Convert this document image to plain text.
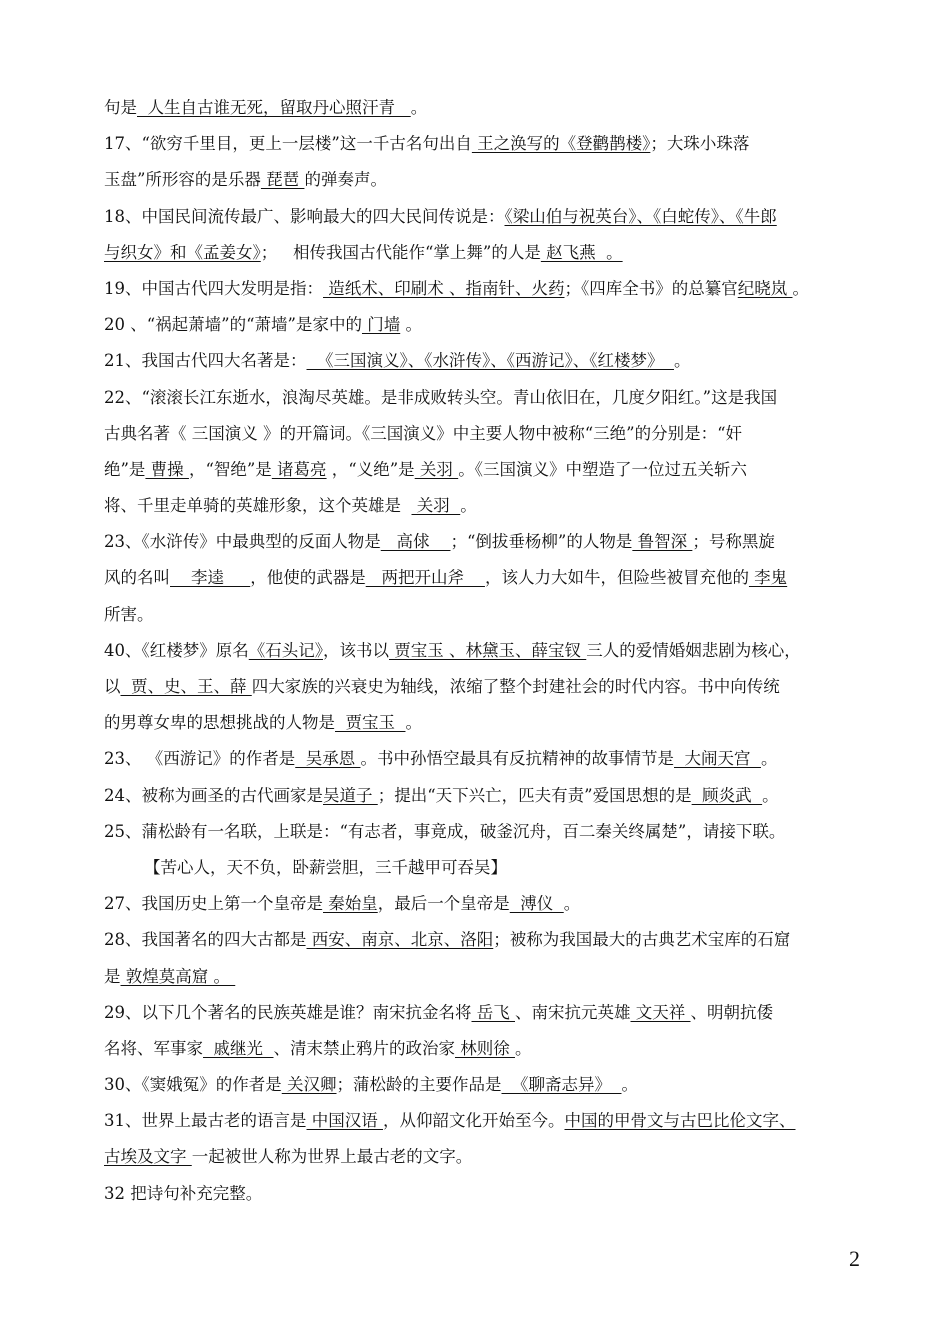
句是  人生自古谁无死，留取丹心照汗青   。
17、“欲穷千里目，更上一层楼”这一千古名句出自 王之涣写的《登鹳鹊楼》；大珠小珠落
玉盘”所形容的是乐器 琵琶 的弹奏声。
18、中国民间流传最广、影响最大的四大民间传说是：《梁山伯与祝英台》、《白蛇传》、《牛郎
与织女》和《孟姜女》；   相传我国古代能作“掌上舞”的人是 赵飞燕  。
19、中国古代四大发明是指： 造纸术、印刷术 、指南针、火药；《四库全书》的总纂官纪晓岚 。
20 、“祸起萧墙”的“萧墙”是家中的 门墙 。
21、我国古代四大名著是：  《三国演义》、《水浒传》、《西游记》、《红楼梦》  。
22、“滚滚长江东逝水，浪淘尽英雄。是非成败转头空。青山依旧在，几度夕阳红。”这是我国
古典名著《 三国演义 》的开篇词。《三国演义》中主要人物中被称“三绝”的分别是：“奸
绝”是 曹操 ，“智绝”是 诸葛亮 ，“义绝”是 关羽 。《三国演义》中塑造了一位过五关斩六
将、千里走单骑的英雄形象，这个英雄是   关羽  。
23、《水浒传》中最典型的反面人物是   高俅    ；“倒拔垂杨柳”的人物是 鲁智深 ；号称黑旋
风的名叫    李逵     ，他使的武器是   两把开山斧    ，该人力大如牛，但险些被冒充他的 李鬼
所害。
40、《红楼梦》原名《石头记》，该书以 贾宝玉 、林黛玉、薛宝钗 三人的爱情婚姻悲剧为核心，
以  贾、史、王、薛 四大家族的兴衰史为轴线，浓缩了整个封建社会的时代内容。书中向传统
的男尊女卑的思想挑战的人物是  贾宝玉  。
23、 《西游记》的作者是  吴承恩 。书中孙悟空最具有反抗精神的故事情节是  大闹天宫  。
24、被称为画圣的古代画家是吴道子 ；提出“天下兴亡，匹夫有责”爱国思想的是  顾炎武  。
25、蒲松龄有一名联，上联是：“有志者，事竟成，破釜沉舟，百二秦关终属楚”，请接下联。
【苦心人，天不负，卧薪尝胆，三千越甲可吞吴】
27、我国历史上第一个皇帝是 秦始皇，最后一个皇帝是  溥仪  。
28、我国著名的四大古都是 西安、南京、北京、洛阳；被称为我国最大的古典艺术宝库的石窟
是 敦煌莫高窟 。
29、以下几个著名的民族英雄是谁？南宋抗金名将 岳飞 、南宋抗元英雄 文天祥 、明朝抗倭
名将、军事家  戚继光  、清末禁止鸦片的政治家 林则徐 。
30、《窦娥冤》的作者是 关汉卿；蒲松龄的主要作品是  《聊斋志异》  。
31、世界上最古老的语言是 中国汉语 ，从仰韶文化开始至今。中国的甲骨文与古巴比伦文字、
古埃及文字 一起被世人称为世界上最古老的文字。
32 把诗句补充完整。
2
